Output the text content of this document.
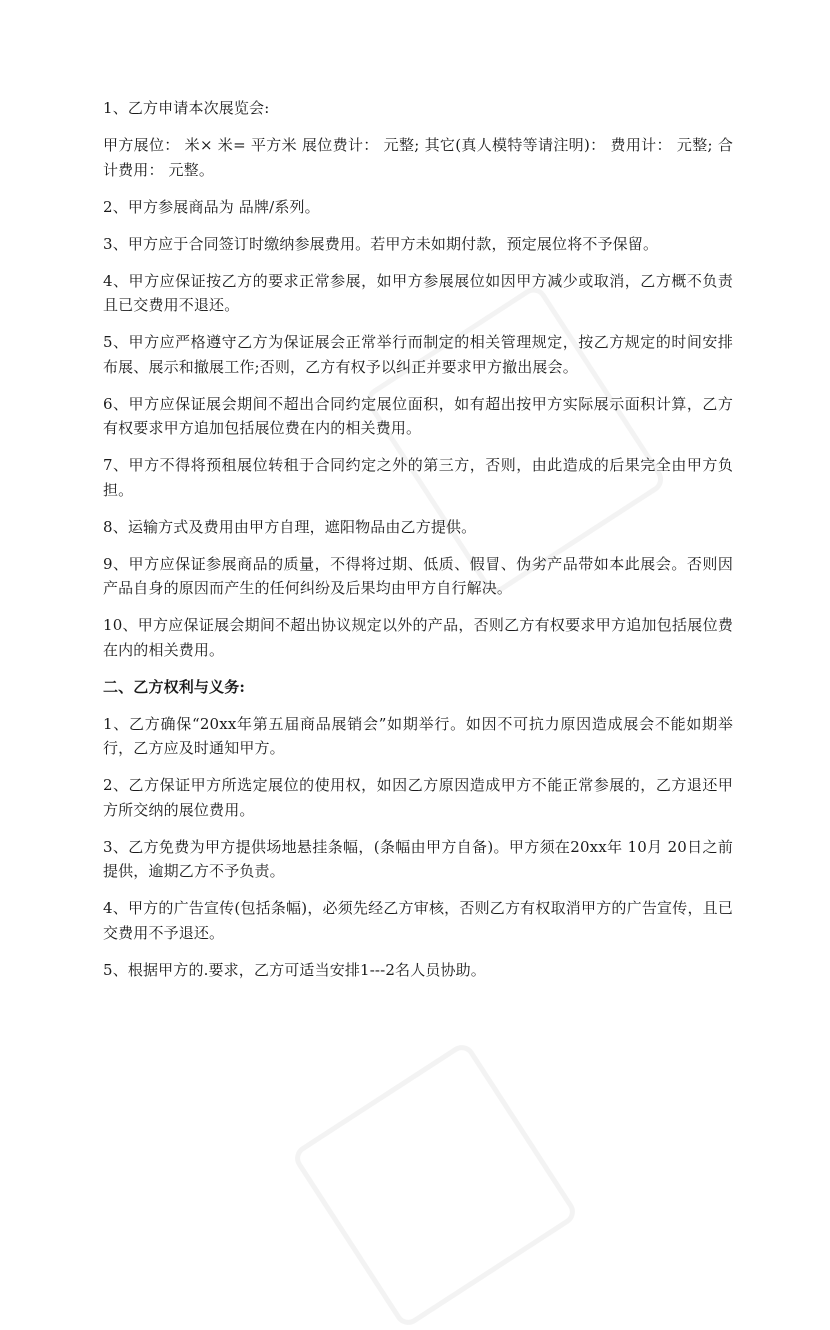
1、乙方申请本次展览会:

甲方展位： 米× 米= 平方米 展位费计： 元整; 其它(真人模特等请注明)： 费用计： 元整; 合计费用： 元整。

2、甲方参展商品为 品牌/系列。

3、甲方应于合同签订时缴纳参展费用。若甲方未如期付款，预定展位将不予保留。

4、甲方应保证按乙方的要求正常参展，如甲方参展展位如因甲方减少或取消，乙方概不负责且已交费用不退还。

5、甲方应严格遵守乙方为保证展会正常举行而制定的相关管理规定，按乙方规定的时间安排布展、展示和撤展工作;否则，乙方有权予以纠正并要求甲方撤出展会。

6、甲方应保证展会期间不超出合同约定展位面积，如有超出按甲方实际展示面积计算，乙方有权要求甲方追加包括展位费在内的相关费用。

7、甲方不得将预租展位转租于合同约定之外的第三方，否则，由此造成的后果完全由甲方负担。

8、运输方式及费用由甲方自理，遮阳物品由乙方提供。

9、甲方应保证参展商品的质量，不得将过期、低质、假冒、伪劣产品带如本此展会。否则因产品自身的原因而产生的任何纠纷及后果均由甲方自行解决。

10、甲方应保证展会期间不超出协议规定以外的产品，否则乙方有权要求甲方追加包括展位费在内的相关费用。

二、乙方权利与义务:

1、乙方确保“20xx年第五届商品展销会”如期举行。如因不可抗力原因造成展会不能如期举行，乙方应及时通知甲方。

2、乙方保证甲方所选定展位的使用权，如因乙方原因造成甲方不能正常参展的，乙方退还甲方所交纳的展位费用。

3、乙方免费为甲方提供场地悬挂条幅，(条幅由甲方自备)。甲方须在20xx年 10月 20日之前提供，逾期乙方不予负责。

4、甲方的广告宣传(包括条幅)，必须先经乙方审核，否则乙方有权取消甲方的广告宣传，且已交费用不予退还。

5、根据甲方的.要求，乙方可适当安排1---2名人员协助。
